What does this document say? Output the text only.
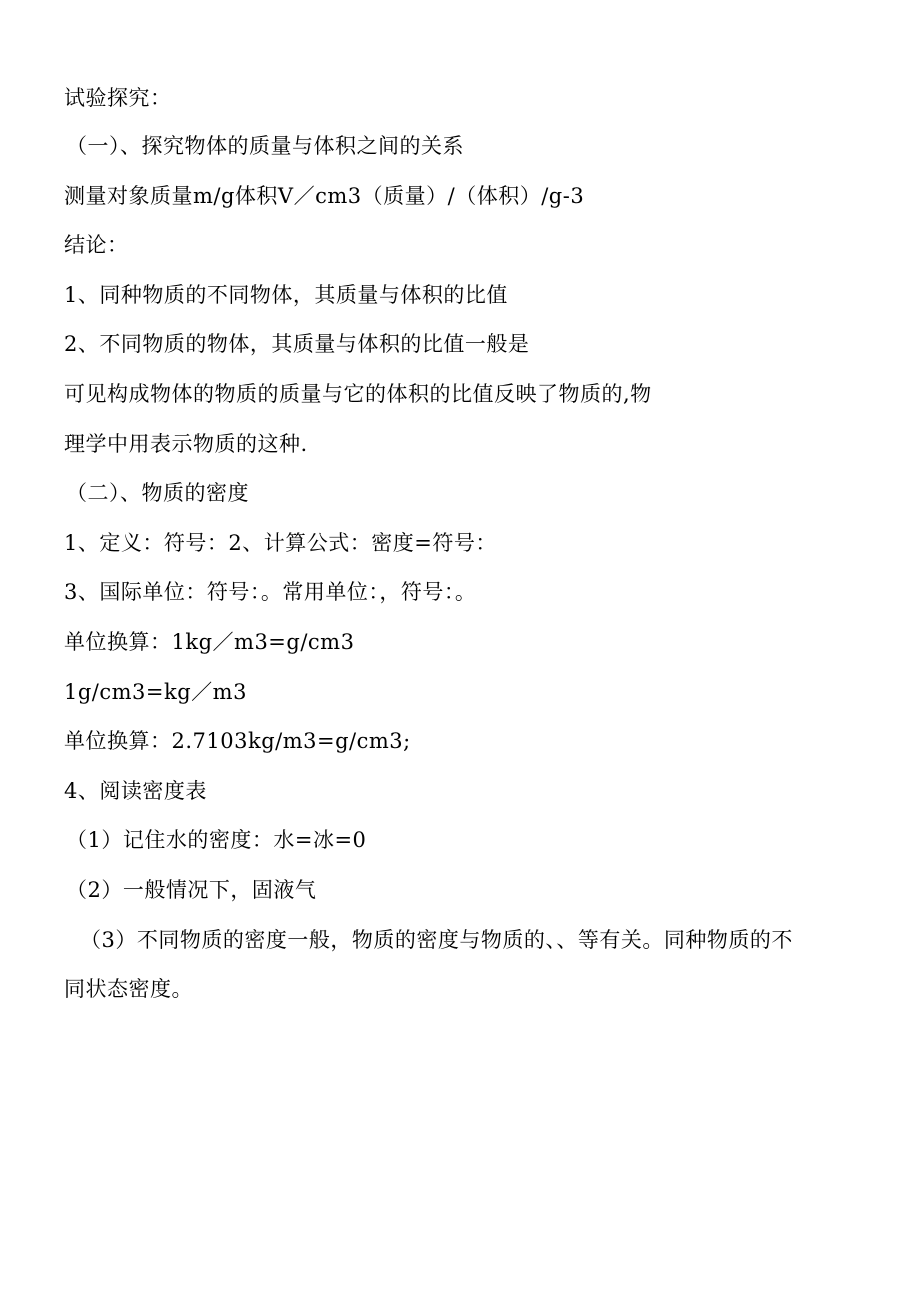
试验探究：
（一）、探究物体的质量与体积之间的关系
测量对象质量m/g体积V／cm3（质量）/（体积）/g-3
结论：
1、同种物质的不同物体，其质量与体积的比值
2、不同物质的物体，其质量与体积的比值一般是
可见构成物体的物质的质量与它的体积的比值反映了物质的,物
理学中用表示物质的这种.
（二）、物质的密度
1、定义：符号：2、计算公式：密度=符号：
3、国际单位：符号：。常用单位：，符号：。
单位换算：1kg／m3=g/cm3
1g/cm3=kg／m3
单位换算：2.7103kg/m3=g/cm3;
4、阅读密度表
（1）记住水的密度：水=冰=0
（2）一般情况下，固液气
（3）不同物质的密度一般，物质的密度与物质的、、等有关。同种物质的不
同状态密度。
